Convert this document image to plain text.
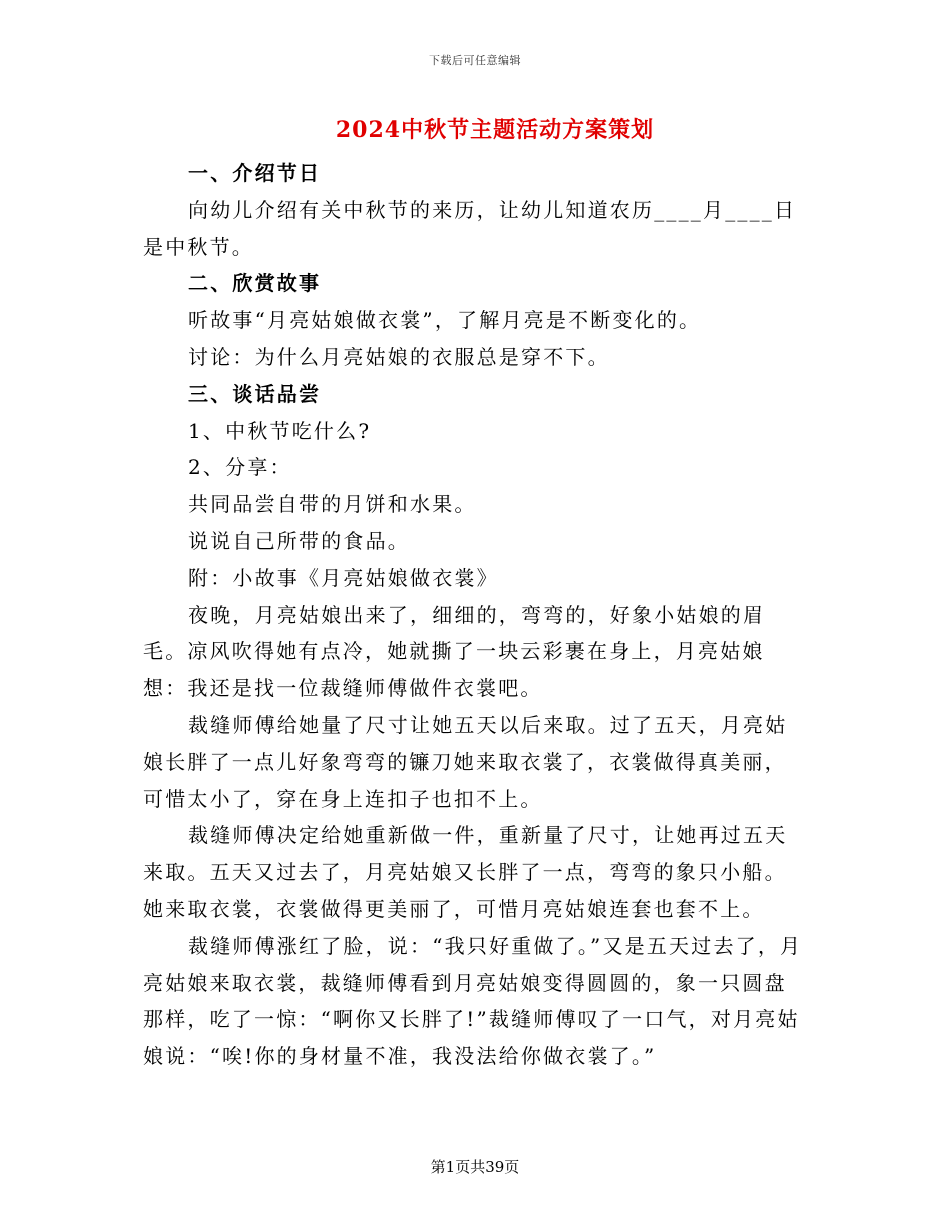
下载后可任意编辑
2024中秋节主题活动方案策划

一、介绍节日

向幼儿介绍有关中秋节的来历，让幼儿知道农历____月____日是中秋节。

二、欣赏故事

听故事“月亮姑娘做衣裳”，了解月亮是不断变化的。

讨论：为什么月亮姑娘的衣服总是穿不下。

三、谈话品尝

1、中秋节吃什么?

2、分享：

共同品尝自带的月饼和水果。

说说自己所带的食品。

附：小故事《月亮姑娘做衣裳》

夜晚，月亮姑娘出来了，细细的，弯弯的，好象小姑娘的眉毛。凉风吹得她有点冷，她就撕了一块云彩裹在身上，月亮姑娘想：我还是找一位裁缝师傅做件衣裳吧。

裁缝师傅给她量了尺寸让她五天以后来取。过了五天，月亮姑娘长胖了一点儿好象弯弯的镰刀她来取衣裳了，衣裳做得真美丽，可惜太小了，穿在身上连扣子也扣不上。

裁缝师傅决定给她重新做一件，重新量了尺寸，让她再过五天来取。五天又过去了，月亮姑娘又长胖了一点，弯弯的象只小船。她来取衣裳，衣裳做得更美丽了，可惜月亮姑娘连套也套不上。

裁缝师傅涨红了脸，说：“我只好重做了。”又是五天过去了，月亮姑娘来取衣裳，裁缝师傅看到月亮姑娘变得圆圆的，象一只圆盘那样，吃了一惊：“啊你又长胖了!”裁缝师傅叹了一口气，对月亮姑娘说：“唉!你的身材量不准，我没法给你做衣裳了。”

第1页共39页
